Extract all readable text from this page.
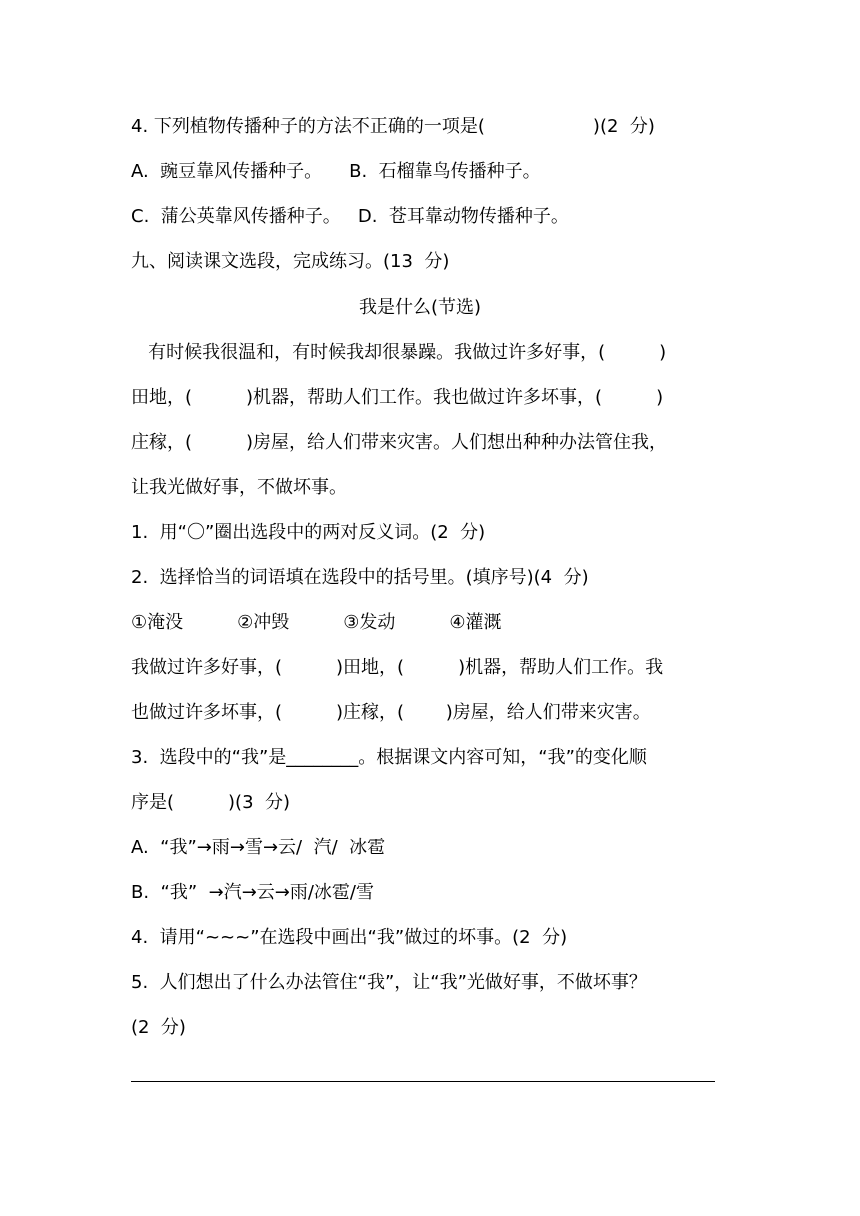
4. 下列植物传播种子的方法不正确的一项是(　　　　　　)(2  分)
A.  豌豆靠风传播种子。　　B.  石榴靠鸟传播种子。
C.  蒲公英靠风传播种子。   D.  苍耳靠动物传播种子。
九、阅读课文选段，完成练习。(13  分)
我是什么(节选)
有时候我很温和，有时候我却很暴躁。我做过许多好事，(　　　)
田地，(　　　)机器，帮助人们工作。我也做过许多坏事，(　　　)
庄稼，(　　　)房屋，给人们带来灾害。人们想出种种办法管住我，
让我光做好事，不做坏事。
1.  用“〇”圈出选段中的两对反义词。(2  分)
2.  选择恰当的词语填在选段中的括号里。(填序号)(4  分)
①淹没　　　②冲毁　　　③发动　　　④灌溉
我做过许多好事，(　　　)田地，(　　　)机器，帮助人们工作。我
也做过许多坏事，(　　　)庄稼，(　　 )房屋，给人们带来灾害。
3.  选段中的“我”是________。根据课文内容可知，“我”的变化顺
序是(　　　)(3  分)
A.  “我”→雨→雪→云/  汽/  冰雹
B.  “我”  →汽→云→雨/冰雹/雪
4.  请用“~~~”在选段中画出“我”做过的坏事。(2  分)
5.  人们想出了什么办法管住“我”，让“我”光做好事，不做坏事？
(2  分)
